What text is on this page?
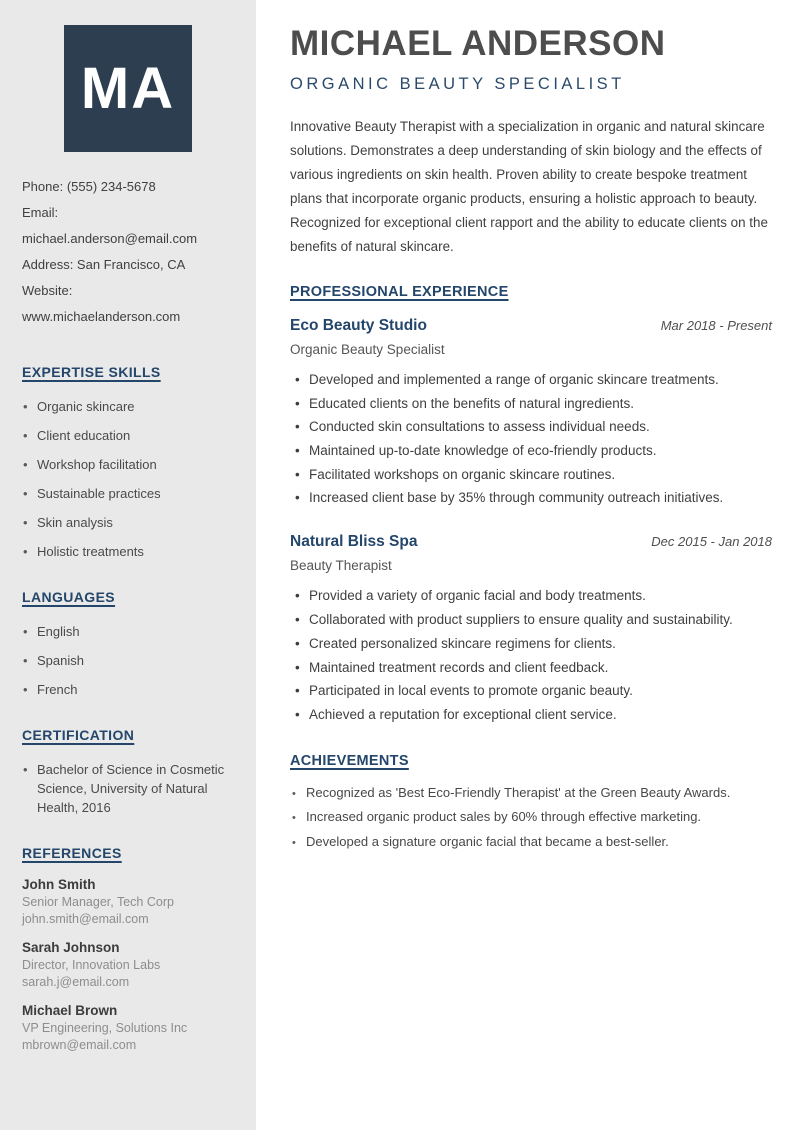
MA
Phone: (555) 234-5678
Email: michael.anderson@email.com
Address: San Francisco, CA
Website: www.michaelanderson.com
EXPERTISE SKILLS
• Organic skincare
• Client education
• Workshop facilitation
• Sustainable practices
• Skin analysis
• Holistic treatments
LANGUAGES
• English
• Spanish
• French
CERTIFICATION
• Bachelor of Science in Cosmetic Science, University of Natural Health, 2016
REFERENCES
John Smith
Senior Manager, Tech Corp
john.smith@email.com
Sarah Johnson
Director, Innovation Labs
sarah.j@email.com
Michael Brown
VP Engineering, Solutions Inc
mbrown@email.com
MICHAEL ANDERSON
ORGANIC BEAUTY SPECIALIST

Innovative Beauty Therapist with a specialization in organic and natural skincare solutions. Demonstrates a deep understanding of skin biology and the effects of various ingredients on skin health. Proven ability to create bespoke treatment plans that incorporate organic products, ensuring a holistic approach to beauty. Recognized for exceptional client rapport and the ability to educate clients on the benefits of natural skincare.

PROFESSIONAL EXPERIENCE
Eco Beauty Studio	Mar 2018 - Present
Organic Beauty Specialist
• Developed and implemented a range of organic skincare treatments.
• Educated clients on the benefits of natural ingredients.
• Conducted skin consultations to assess individual needs.
• Maintained up-to-date knowledge of eco-friendly products.
• Facilitated workshops on organic skincare routines.
• Increased client base by 35% through community outreach initiatives.
Natural Bliss Spa	Dec 2015 - Jan 2018
Beauty Therapist
• Provided a variety of organic facial and body treatments.
• Collaborated with product suppliers to ensure quality and sustainability.
• Created personalized skincare regimens for clients.
• Maintained treatment records and client feedback.
• Participated in local events to promote organic beauty.
• Achieved a reputation for exceptional client service.
ACHIEVEMENTS
• Recognized as 'Best Eco-Friendly Therapist' at the Green Beauty Awards.
• Increased organic product sales by 60% through effective marketing.
• Developed a signature organic facial that became a best-seller.
